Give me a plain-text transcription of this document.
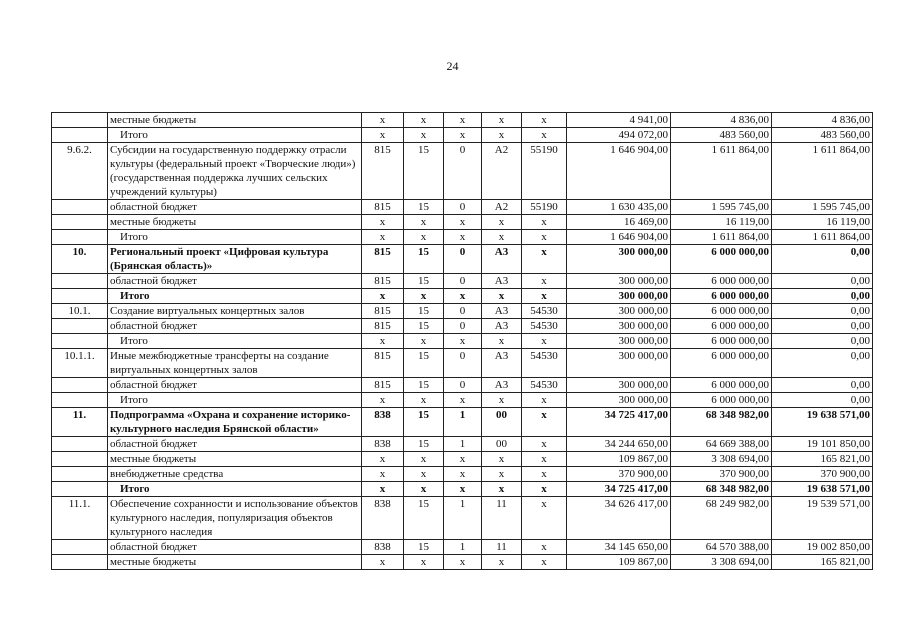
24
	местные бюджеты	х	х	х	х	х	4 941,00	4 836,00	4 836,00
	Итого	х	х	х	х	х	494 072,00	483 560,00	483 560,00
9.6.2.	Субсидии на государственную поддержку отрасли культуры (федеральный проект «Творческие люди») (государственная поддержка лучших сельских учреждений культуры)	815	15	0	А2	55190	1 646 904,00	1 611 864,00	1 611 864,00
	областной бюджет	815	15	0	А2	55190	1 630 435,00	1 595 745,00	1 595 745,00
	местные бюджеты	х	х	х	х	х	16 469,00	16 119,00	16 119,00
	Итого	х	х	х	х	х	1 646 904,00	1 611 864,00	1 611 864,00
10.	Региональный проект «Цифровая культура (Брянская область)»	815	15	0	А3	х	300 000,00	6 000 000,00	0,00
	областной бюджет	815	15	0	А3	х	300 000,00	6 000 000,00	0,00
	Итого	х	х	х	х	х	300 000,00	6 000 000,00	0,00
10.1.	Создание виртуальных концертных залов	815	15	0	А3	54530	300 000,00	6 000 000,00	0,00
	областной бюджет	815	15	0	А3	54530	300 000,00	6 000 000,00	0,00
	Итого	х	х	х	х	х	300 000,00	6 000 000,00	0,00
10.1.1.	Иные межбюджетные трансферты на создание виртуальных концертных залов	815	15	0	А3	54530	300 000,00	6 000 000,00	0,00
	областной бюджет	815	15	0	А3	54530	300 000,00	6 000 000,00	0,00
	Итого	х	х	х	х	х	300 000,00	6 000 000,00	0,00
11.	Подпрограмма «Охрана и сохранение историко-культурного наследия Брянской области»	838	15	1	00	х	34 725 417,00	68 348 982,00	19 638 571,00
	областной бюджет	838	15	1	00	х	34 244 650,00	64 669 388,00	19 101 850,00
	местные бюджеты	х	х	х	х	х	109 867,00	3 308 694,00	165 821,00
	внебюджетные средства	х	х	х	х	х	370 900,00	370 900,00	370 900,00
	Итого	х	х	х	х	х	34 725 417,00	68 348 982,00	19 638 571,00
11.1.	Обеспечение сохранности и использование объектов культурного наследия, популяризация объектов культурного наследия	838	15	1	11	х	34 626 417,00	68 249 982,00	19 539 571,00
	областной бюджет	838	15	1	11	х	34 145 650,00	64 570 388,00	19 002 850,00
	местные бюджеты	х	х	х	х	х	109 867,00	3 308 694,00	165 821,00
